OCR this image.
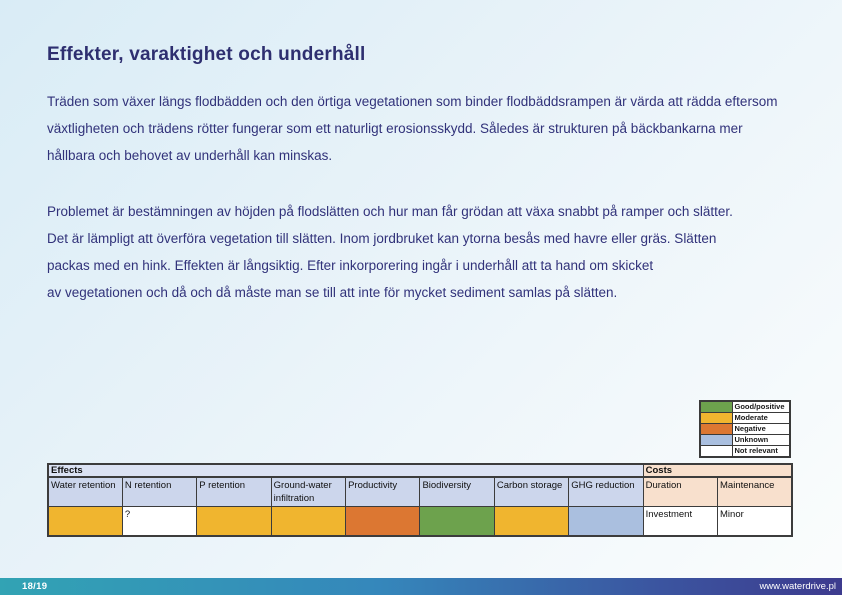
Effekter, varaktighet och underhåll
Träden som växer längs flodbädden och den örtiga vegetationen som binder flodbäddsrampen är värda att rädda eftersom
växtligheten och trädens rötter fungerar som ett naturligt erosionsskydd. Således är strukturen på bäckbankarna mer
hållbara och behovet av underhåll kan minskas.
Problemet är bestämningen av höjden på flodslätten och hur man får grödan att växa snabbt på ramper och slätter.
Det är lämpligt att överföra vegetation till slätten. Inom jordbruket kan ytorna besås med havre eller gräs. Slätten
packas med en hink. Effekten är långsiktig. Efter inkorporering ingår i underhåll att ta hand om skicket
av vegetationen och då och då måste man se till att inte för mycket sediment samlas på slätten.
	Good/positive
	Moderate
	Negative
	Unknown
	Not relevant
Effects								Costs	
Water retention	N retention	P retention	Ground-water infiltration	Productivity	Biodiversity	Carbon storage	GHG reduction	Duration	Maintenance
	?							Investment	Minor
18/19	www.waterdrive.pl
